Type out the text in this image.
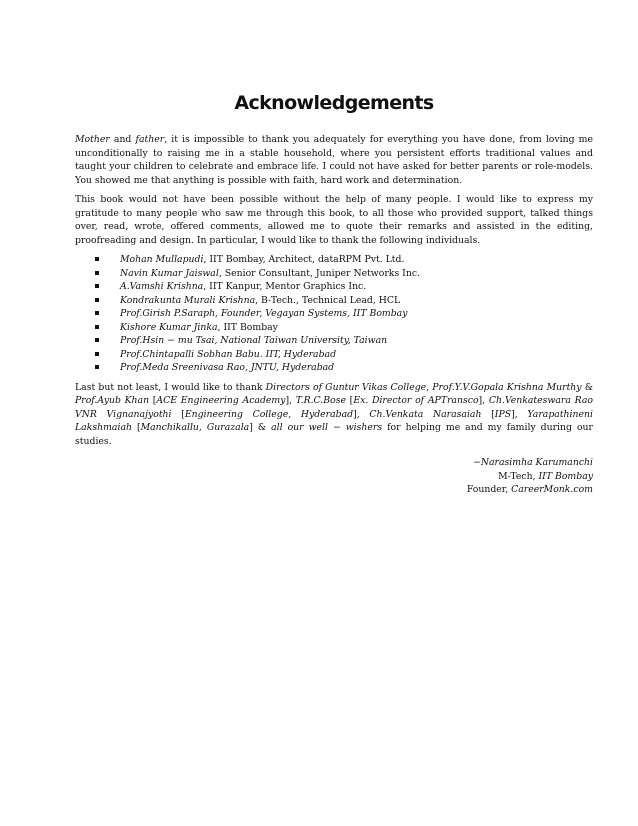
Acknowledgements

Mother and father, it is impossible to thank you adequately for everything you have done, from loving me unconditionally to raising me in a stable household, where you persistent efforts traditional values and taught your children to celebrate and embrace life. I could not have asked for better parents or role-models. You showed me that anything is possible with faith, hard work and determination.

This book would not have been possible without the help of many people. I would like to express my gratitude to many people who saw me through this book, to all those who provided support, talked things over, read, wrote, offered comments, allowed me to quote their remarks and assisted in the editing, proofreading and design. In particular, I would like to thank the following individuals.

Mohan Mullapudi, IIT Bombay, Architect, dataRPM Pvt. Ltd.
Navin Kumar Jaiswal, Senior Consultant, Juniper Networks Inc.
A.Vamshi Krishna, IIT Kanpur, Mentor Graphics Inc.
Kondrakunta Murali Krishna, B-Tech., Technical Lead, HCL
Prof.Girish P.Saraph, Founder, Vegayan Systems, IIT Bombay
Kishore Kumar Jinka, IIT Bombay
Prof.Hsin − mu Tsai, National Taiwan University, Taiwan
Prof.Chintapalli Sobhan Babu. IIT, Hyderabad
Prof.Meda Sreenivasa Rao, JNTU, Hyderabad

Last but not least, I would like to thank Directors of Guntur Vikas College, Prof.Y.V.Gopala Krishna Murthy & Prof.Ayub Khan [ACE Engineering Academy], T.R.C.Bose [Ex. Director of APTransco], Ch.Venkateswara Rao VNR Vignanajyothi [Engineering College, Hyderabad], Ch.Venkata Narasaiah [IPS], Yarapathineni Lakshmaiah [Manchikallu, Gurazala] & all our well − wishers for helping me and my family during our studies.

−Narasimha Karumanchi
M-Tech, IIT Bombay
Founder, CareerMonk.com
